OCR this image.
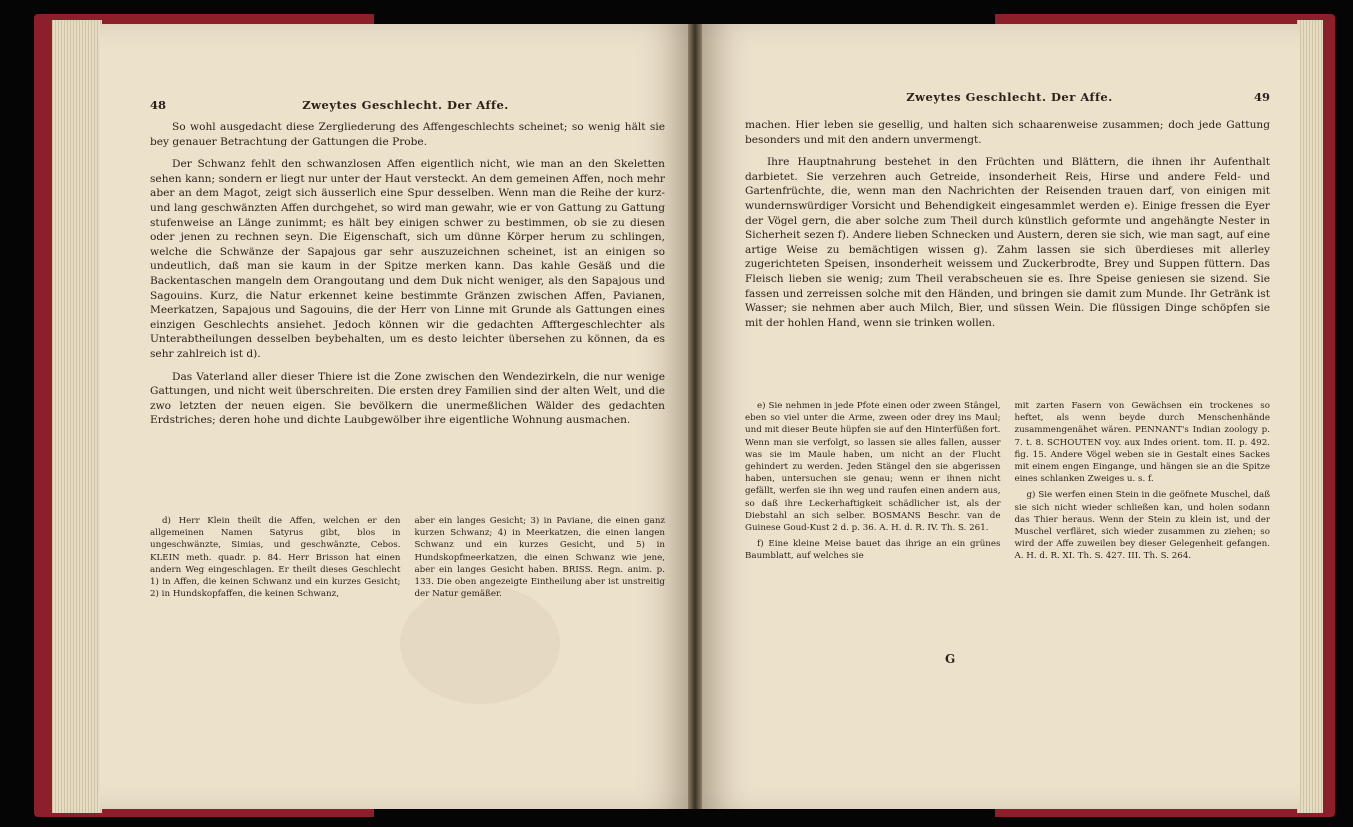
48	Zweytes Geschlecht. Der Affe.

So wohl ausgedacht diese Zergliederung des Affengeschlechts scheinet; so wenig hält sie bey genauer Betrachtung der Gattungen die Probe.

Der Schwanz fehlt den schwanzlosen Affen eigentlich nicht, wie man an den Skeletten sehen kann; sondern er liegt nur unter der Haut versteckt. An dem gemeinen Affen, noch mehr aber an dem Magot, zeigt sich äusserlich eine Spur desselben. Wenn man die Reihe der kurz- und lang geschwänzten Affen durchgehet, so wird man gewahr, wie er von Gattung zu Gattung stufenweise an Länge zunimmt; es hält bey einigen schwer zu bestimmen, ob sie zu diesen oder jenen zu rechnen seyn. Die Eigenschaft, sich um dünne Körper herum zu schlingen, welche die Schwänze der Sapajous gar sehr auszuzeichnen scheinet, ist an einigen so undeutlich, daß man sie kaum in der Spitze merken kann. Das kahle Gesäß und die Backentaschen mangeln dem Orangoutang und dem Duk nicht weniger, als den Sapajous und Sagouins. Kurz, die Natur erkennet keine bestimmte Gränzen zwischen Affen, Pavianen, Meerkatzen, Sapajous und Sagouins, die der Herr von Linne mit Grunde als Gattungen eines einzigen Geschlechts ansiehet. Jedoch können wir die gedachten Afftergeschlechter als Unterabtheilungen desselben beybehalten, um es desto leichter übersehen zu können, da es sehr zahlreich ist d).

Das Vaterland aller dieser Thiere ist die Zone zwischen den Wendezirkeln, die nur wenige Gattungen, und nicht weit überschreiten. Die ersten drey Familien sind der alten Welt, und die zwo letzten der neuen eigen. Sie bevölkern die unermeßlichen Wälder des gedachten Erdstriches; deren hohe und dichte Laubgewölber ihre eigentliche Wohnung ausmachen.

d) Herr Klein theilt die Affen, welchen er den allgemeinen Namen Satyrus gibt, blos in ungeschwänzte, Simias, und geschwänzte, Cebos. KLEIN meth. quadr. p. 84. Herr Brisson hat einen andern Weg eingeschlagen. Er theilt dieses Geschlecht 1) in Affen, die keinen Schwanz und ein kurzes Gesicht; 2) in Hundskopfaffen, die keinen Schwanz,

aber ein langes Gesicht; 3) in Paviane, die einen ganz kurzen Schwanz; 4) in Meerkatzen, die einen langen Schwanz und ein kurzes Gesicht, und 5) in Hundskopfmeerkatzen, die einen Schwanz wie jene, aber ein langes Gesicht haben. BRISS. Regn. anim. p. 133. Die oben angezeigte Eintheilung aber ist unstreitig der Natur gemäßer.

Zweytes Geschlecht. Der Affe.	49

machen. Hier leben sie gesellig, und halten sich schaarenweise zusammen; doch jede Gattung besonders und mit den andern unvermengt.

Ihre Hauptnahrung bestehet in den Früchten und Blättern, die ihnen ihr Aufenthalt darbietet. Sie verzehren auch Getreide, insonderheit Reis, Hirse und andere Feld- und Gartenfrüchte, die, wenn man den Nachrichten der Reisenden trauen darf, von einigen mit wundernswürdiger Vorsicht und Behendigkeit eingesammlet werden e). Einige fressen die Eyer der Vögel gern, die aber solche zum Theil durch künstlich geformte und angehängte Nester in Sicherheit sezen f). Andere lieben Schnecken und Austern, deren sie sich, wie man sagt, auf eine artige Weise zu bemächtigen wissen g). Zahm lassen sie sich überdieses mit allerley zugerichteten Speisen, insonderheit weissem und Zuckerbrodte, Brey und Suppen füttern. Das Fleisch lieben sie wenig; zum Theil verabscheuen sie es. Ihre Speise geniesen sie sizend. Sie fassen und zerreissen solche mit den Händen, und bringen sie damit zum Munde. Ihr Getränk ist Wasser; sie nehmen aber auch Milch, Bier, und süssen Wein. Die flüssigen Dinge schöpfen sie mit der hohlen Hand, wenn sie trinken wollen.

e) Sie nehmen in jede Pfote einen oder zween Stängel, eben so viel unter die Arme, zween oder drey ins Maul; und mit dieser Beute hüpfen sie auf den Hinterfüßen fort. Wenn man sie verfolgt, so lassen sie alles fallen, ausser was sie im Maule haben, um nicht an der Flucht gehindert zu werden. Jeden Stängel den sie abgerissen haben, untersuchen sie genau; wenn er ihnen nicht gefällt, werfen sie ihn weg und raufen einen andern aus, so daß ihre Leckerhaftigkeit schädlicher ist, als der Diebstahl an sich selber. BOSMANS Beschr. van de Guinese Goud-Kust 2 d. p. 36. A. H. d. R. IV. Th. S. 261.

f) Eine kleine Meise bauet das ihrige an ein grünes Baumblatt, auf welches sie

mit zarten Fasern von Gewächsen ein trockenes so heftet, als wenn beyde durch Menschenhände zusammengenähet wären. PENNANT's Indian zoology p. 7. t. 8. SCHOUTEN voy. aux Indes orient. tom. II. p. 492. fig. 15. Andere Vögel weben sie in Gestalt eines Sackes mit einem engen Eingange, und hängen sie an die Spitze eines schlanken Zweiges u. s. f.

g) Sie werfen einen Stein in die geöfnete Muschel, daß sie sich nicht wieder schließen kan, und holen sodann das Thier heraus. Wenn der Stein zu klein ist, und der Muschel verfläret, sich wieder zusammen zu ziehen; so wird der Affe zuweilen bey dieser Gelegenheit gefangen. A. H. d. R. XI. Th. S. 427. III. Th. S. 264.

G
